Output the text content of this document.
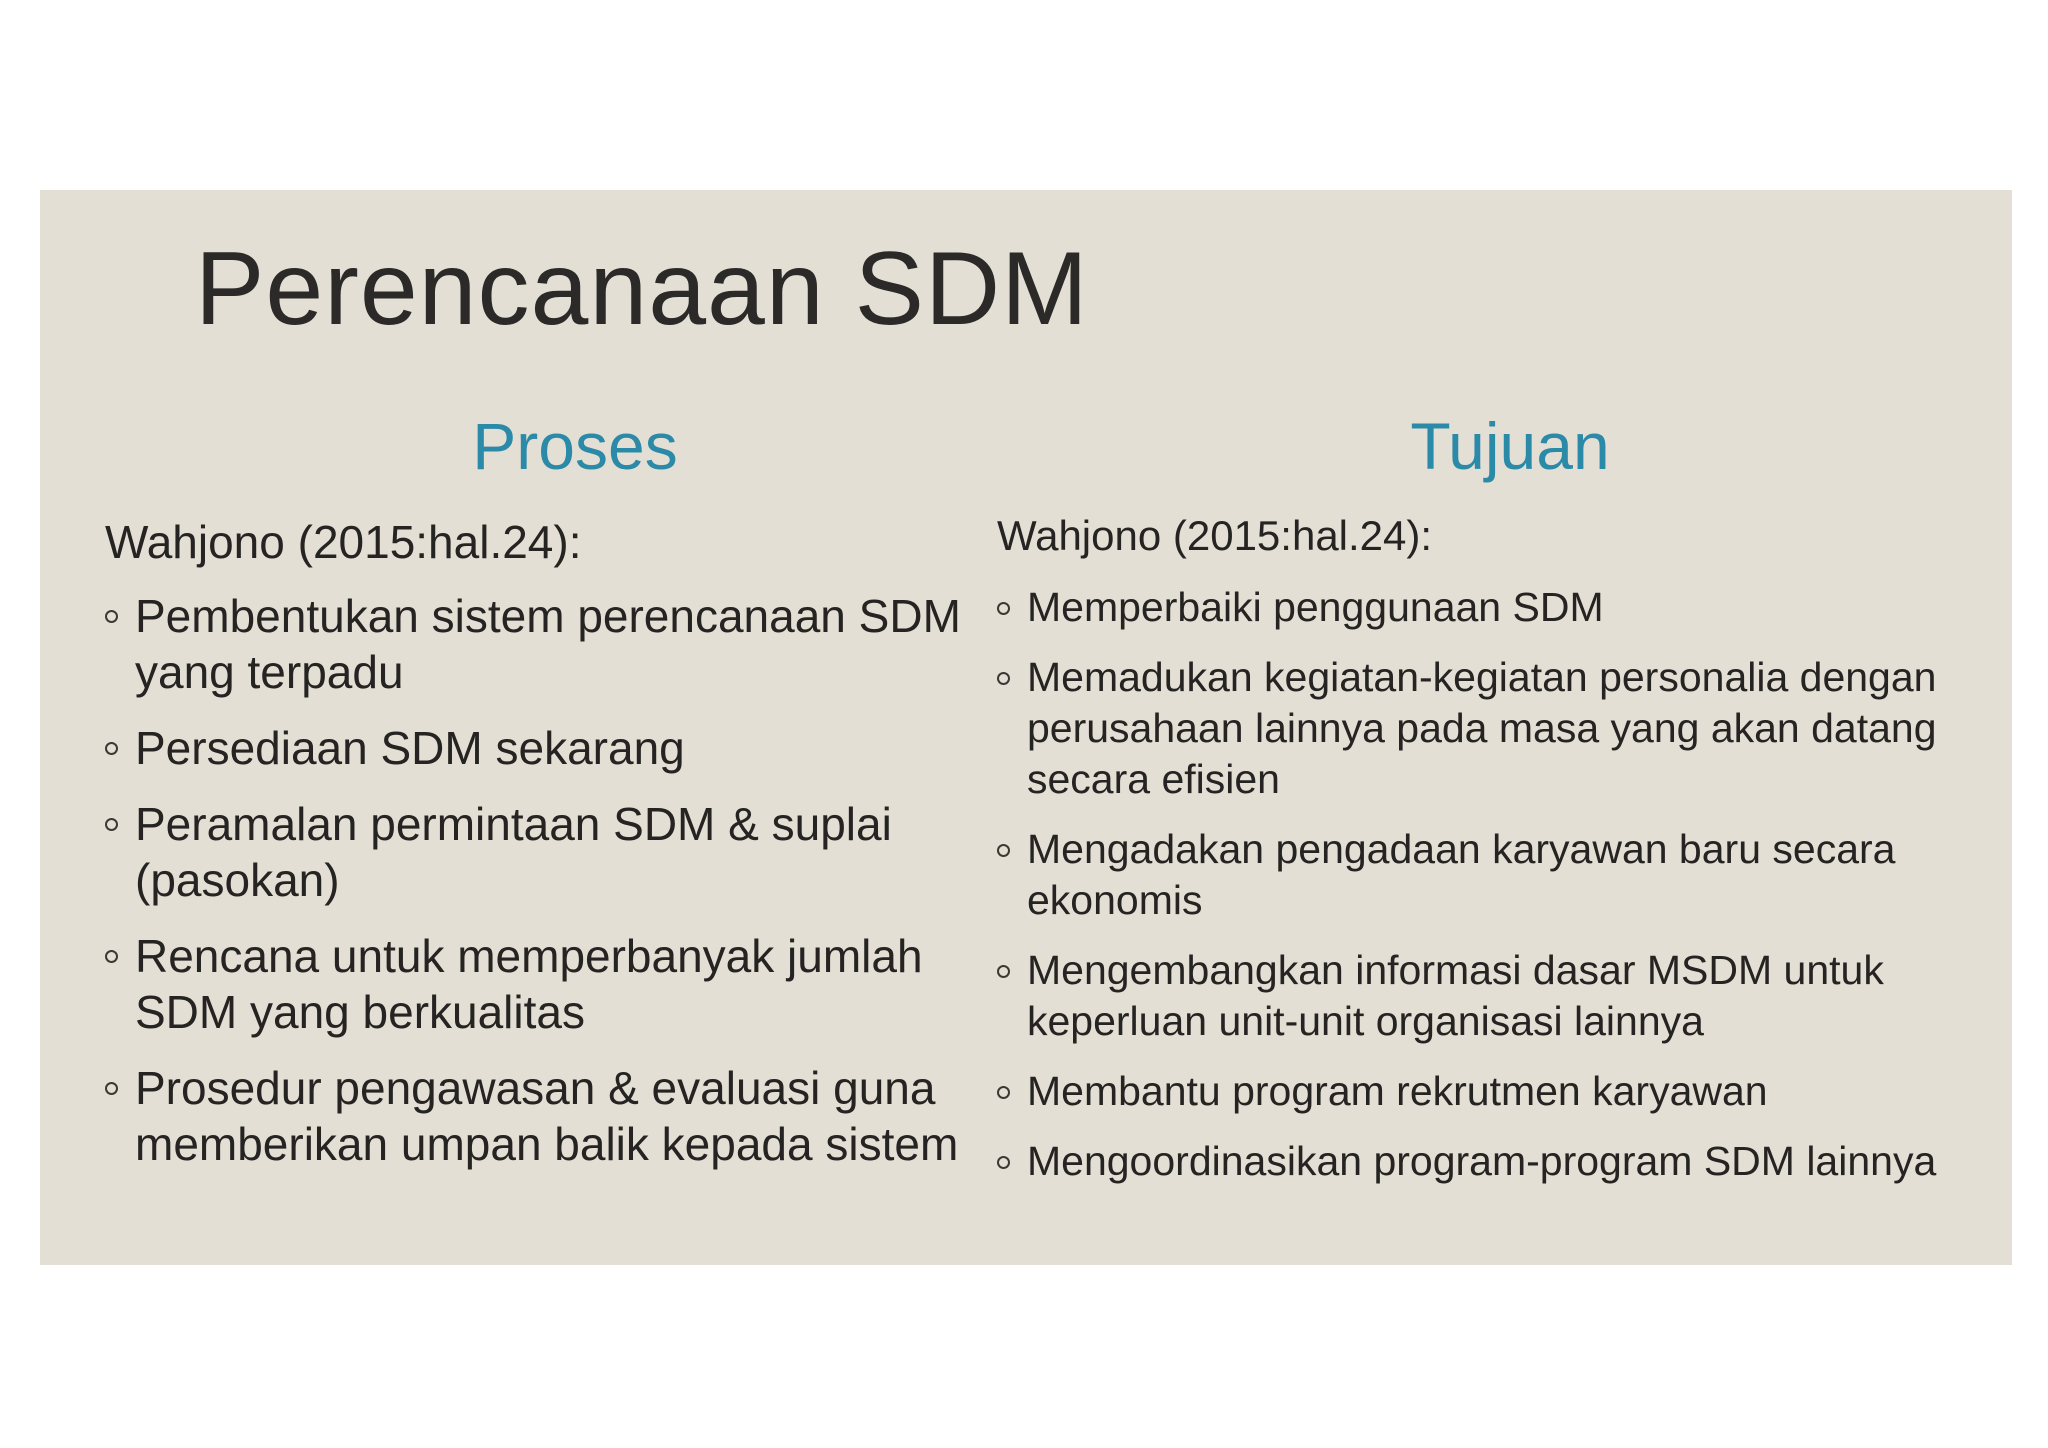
Perencanaan SDM
Proses	Tujuan

Wahjono (2015:hal.24):

Pembentukan sistem perencanaan SDM yang terpadu
Persediaan SDM sekarang
Peramalan permintaan SDM & suplai (pasokan)
Rencana untuk memperbanyak jumlah SDM yang berkualitas
Prosedur pengawasan & evaluasi guna memberikan umpan balik kepada sistem

Wahjono (2015:hal.24):

Memperbaiki penggunaan SDM
Memadukan kegiatan-kegiatan personalia dengan perusahaan lainnya pada masa yang akan datang secara efisien
Mengadakan pengadaan karyawan baru secara ekonomis
Mengembangkan informasi dasar MSDM untuk keperluan unit-unit organisasi lainnya
Membantu program rekrutmen karyawan
Mengoordinasikan program-program SDM lainnya
